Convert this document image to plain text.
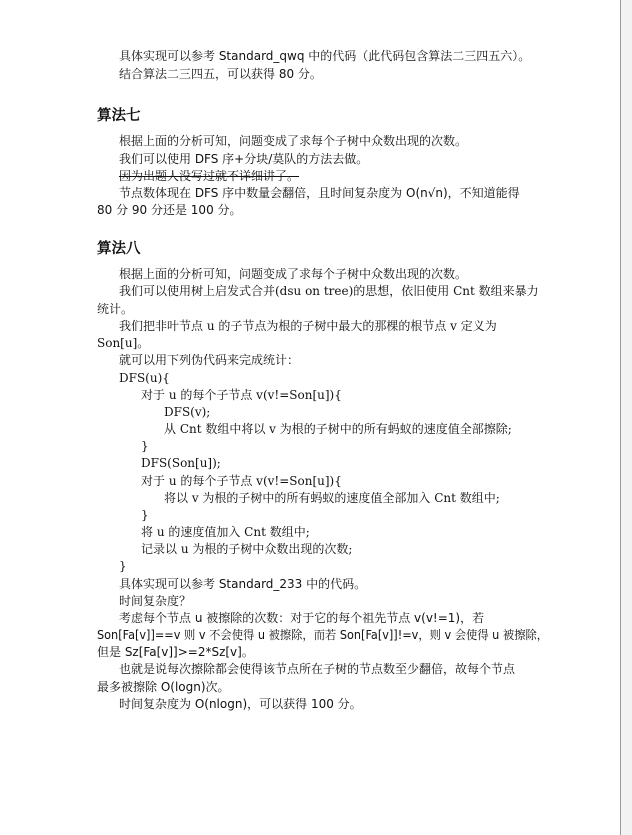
具体实现可以参考 Standard_qwq 中的代码（此代码包含算法二三四五六）。

结合算法二三四五，可以获得 80 分。

算法七

根据上面的分析可知，问题变成了求每个子树中众数出现的次数。

我们可以使用 DFS 序+分块/莫队的方法去做。

因为出题人没写过就不详细讲了。

节点数体现在 DFS 序中数量会翻倍，且时间复杂度为 O(n√n)，不知道能得

80 分 90 分还是 100 分。

算法八

根据上面的分析可知，问题变成了求每个子树中众数出现的次数。

我们可以使用树上启发式合并(dsu on tree)的思想，依旧使用 Cnt 数组来暴力

统计。

我们把非叶节点 u 的子节点为根的子树中最大的那棵的根节点 v 定义为

Son[u]。

就可以用下列伪代码来完成统计：

DFS(u){

对于 u 的每个子节点 v(v!=Son[u]){

DFS(v);

从 Cnt 数组中将以 v 为根的子树中的所有蚂蚁的速度值全部擦除;

}

DFS(Son[u]);

对于 u 的每个子节点 v(v!=Son[u]){

将以 v 为根的子树中的所有蚂蚁的速度值全部加入 Cnt 数组中;

}

将 u 的速度值加入 Cnt 数组中;

记录以 u 为根的子树中众数出现的次数;

}

具体实现可以参考 Standard_233 中的代码。

时间复杂度？

考虑每个节点 u 被擦除的次数：对于它的每个祖先节点 v(v!=1)，若

Son[Fa[v]]==v 则 v 不会使得 u 被擦除，而若 Son[Fa[v]]!=v，则 v 会使得 u 被擦除，

但是 Sz[Fa[v]]>=2*Sz[v]。

也就是说每次擦除都会使得该节点所在子树的节点数至少翻倍，故每个节点

最多被擦除 O(logn)次。

时间复杂度为 O(nlogn)，可以获得 100 分。
